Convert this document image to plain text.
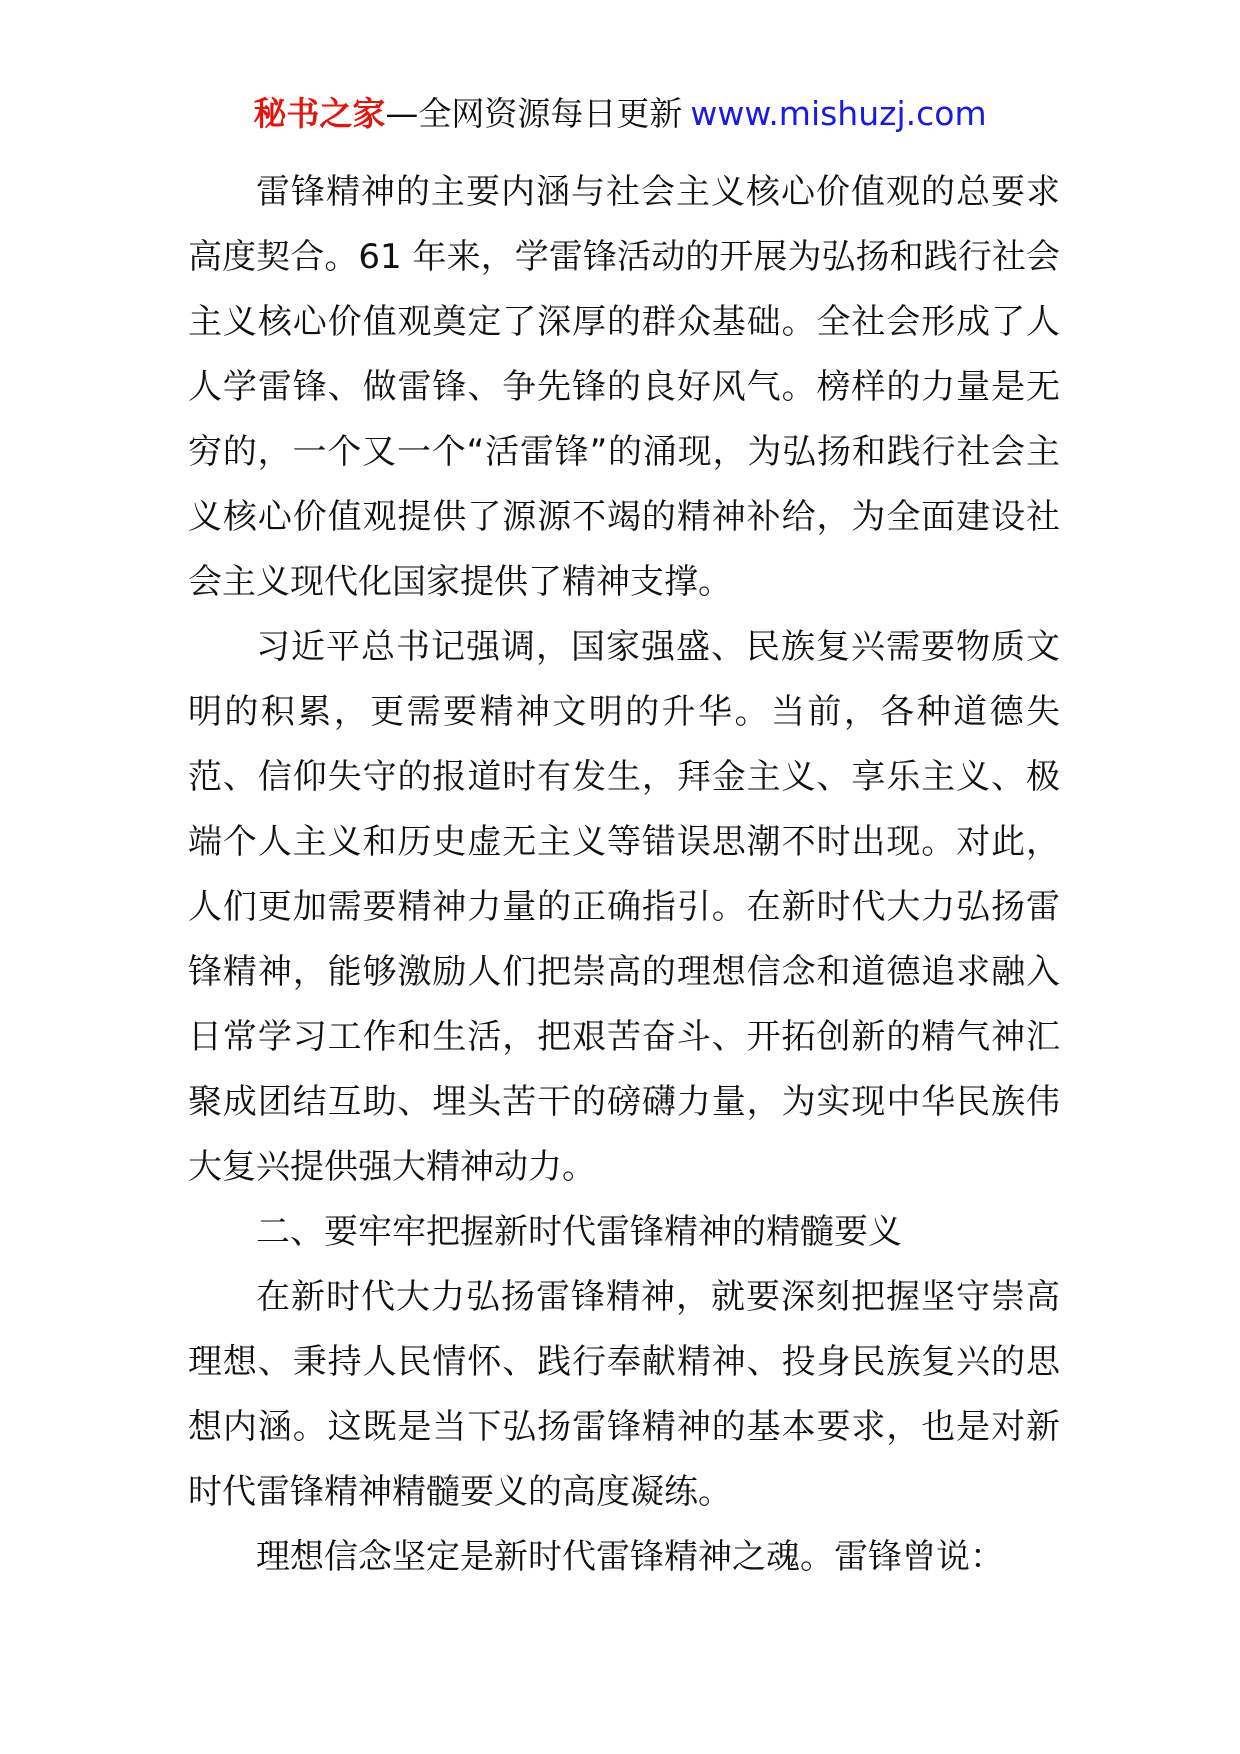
秘书之家—全网资源每日更新 www.mishuzj.com

雷锋精神的主要内涵与社会主义核心价值观的总要求高度契合。61 年来，学雷锋活动的开展为弘扬和践行社会主义核心价值观奠定了深厚的群众基础。全社会形成了人人学雷锋、做雷锋、争先锋的良好风气。榜样的力量是无穷的，一个又一个“活雷锋”的涌现，为弘扬和践行社会主义核心价值观提供了源源不竭的精神补给，为全面建设社会主义现代化国家提供了精神支撑。

习近平总书记强调，国家强盛、民族复兴需要物质文明的积累，更需要精神文明的升华。当前，各种道德失范、信仰失守的报道时有发生，拜金主义、享乐主义、极端个人主义和历史虚无主义等错误思潮不时出现。对此，人们更加需要精神力量的正确指引。在新时代大力弘扬雷锋精神，能够激励人们把崇高的理想信念和道德追求融入日常学习工作和生活，把艰苦奋斗、开拓创新的精气神汇聚成团结互助、埋头苦干的磅礴力量，为实现中华民族伟大复兴提供强大精神动力。

二、要牢牢把握新时代雷锋精神的精髓要义

在新时代大力弘扬雷锋精神，就要深刻把握坚守崇高理想、秉持人民情怀、践行奉献精神、投身民族复兴的思想内涵。这既是当下弘扬雷锋精神的基本要求，也是对新时代雷锋精神精髓要义的高度凝练。

理想信念坚定是新时代雷锋精神之魂。雷锋曾说：
